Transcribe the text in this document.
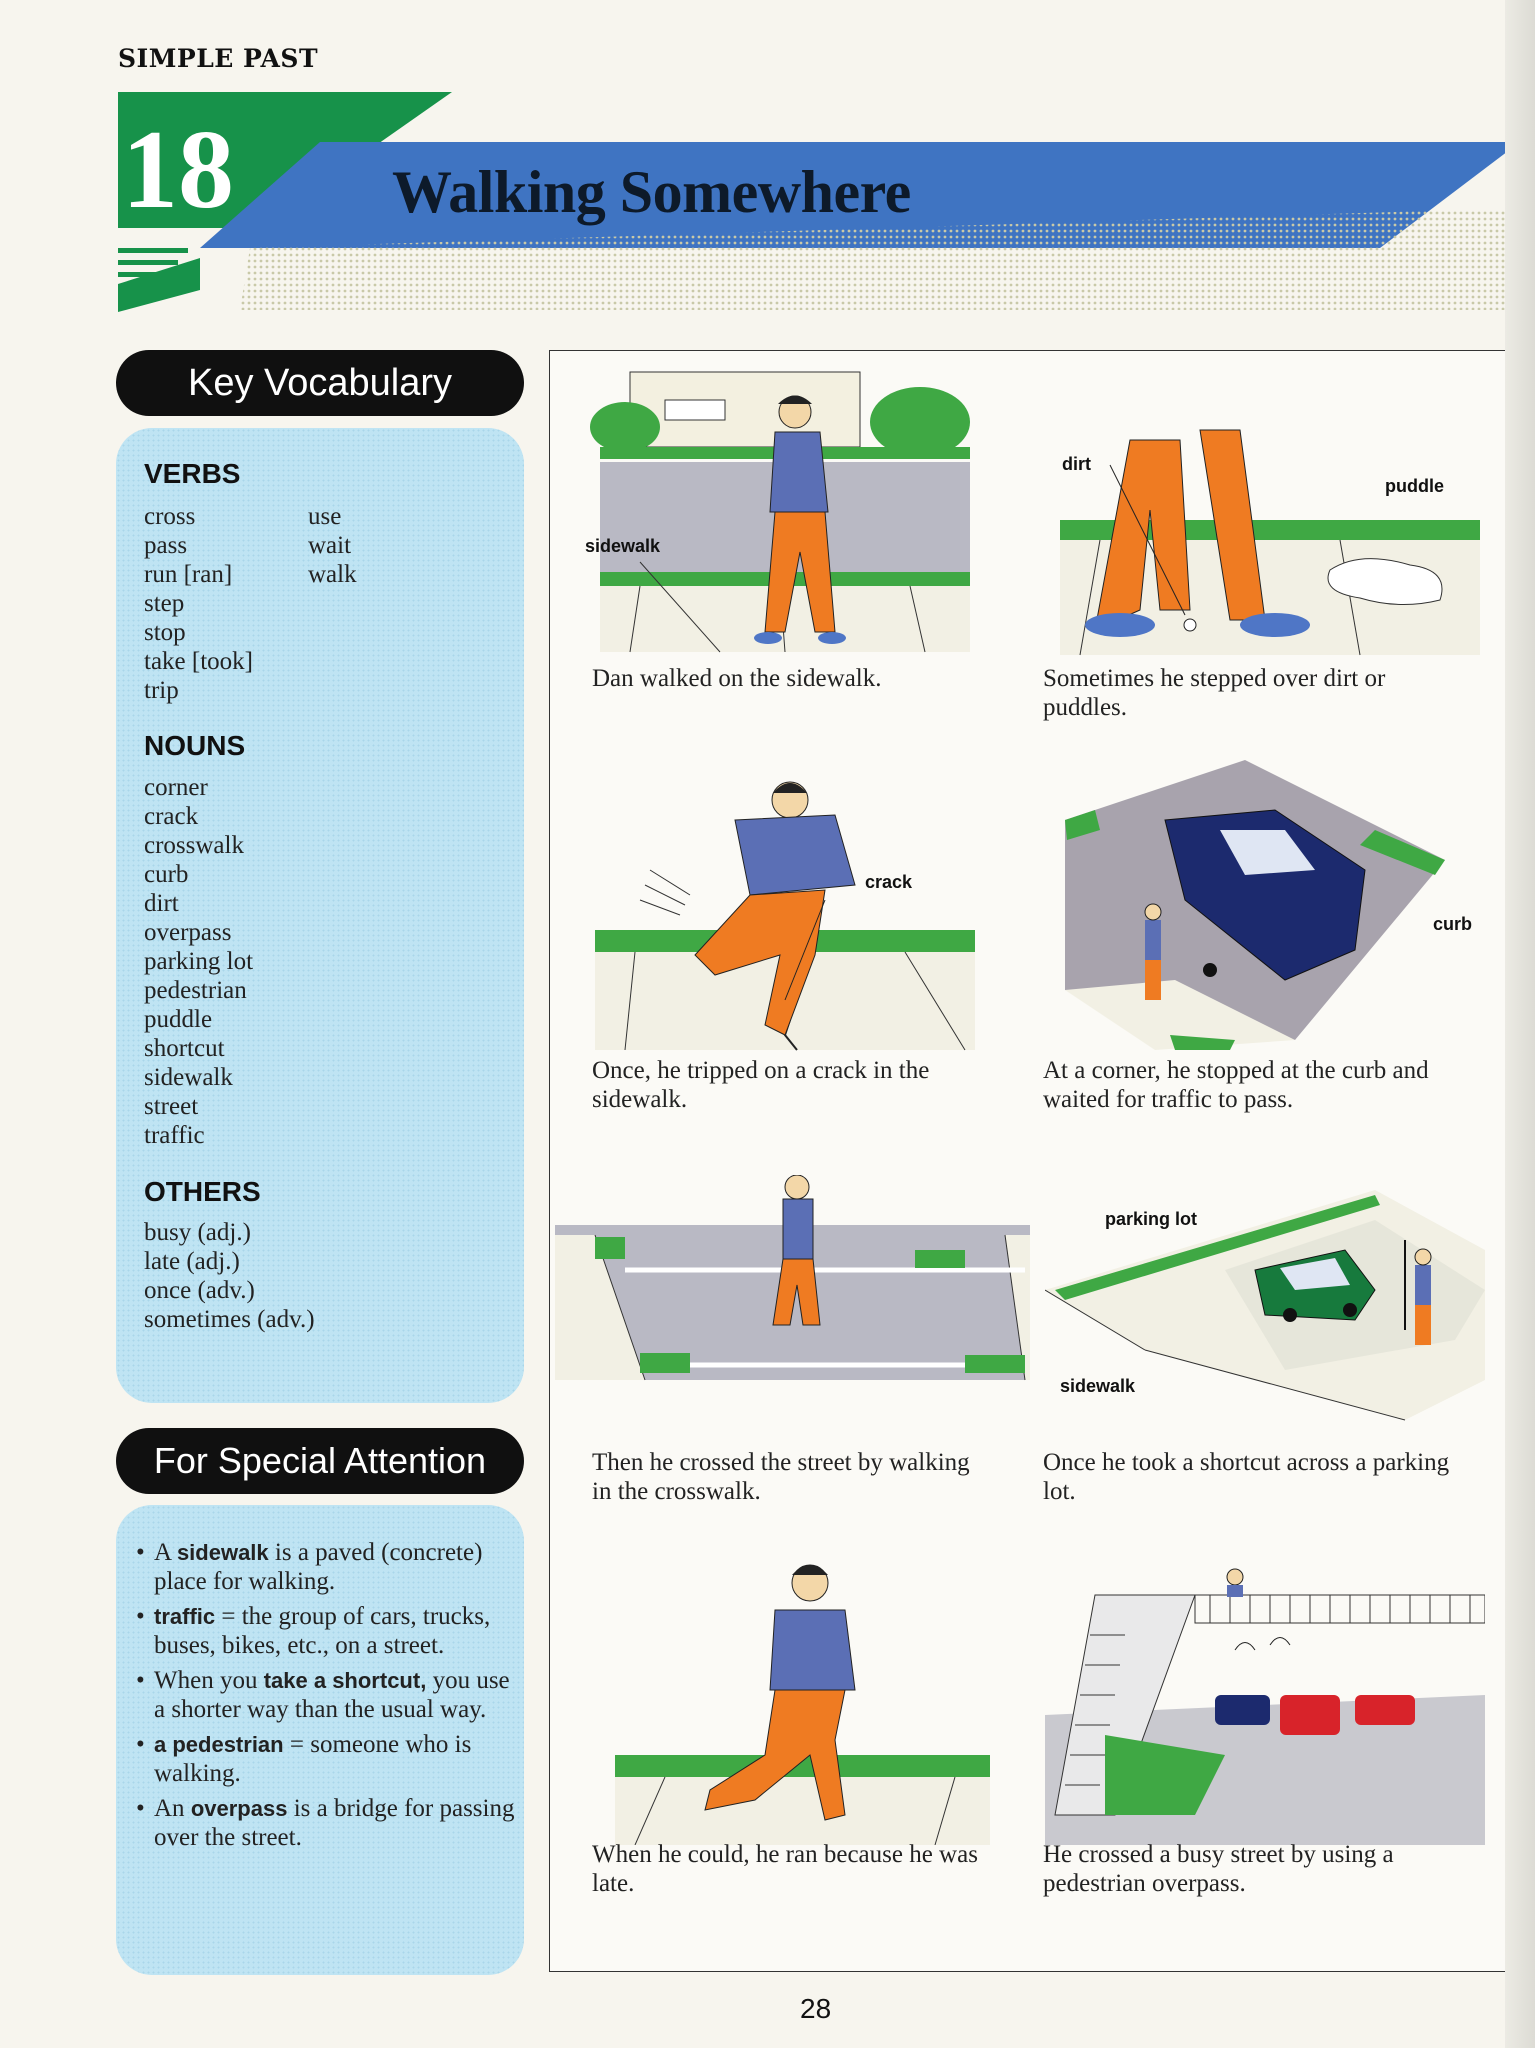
SIMPLE PAST
18	Walking Somewhere
Key Vocabulary
VERBS
cross
pass
run [ran]
step
stop
take [took]
trip
use
wait
walk
NOUNS
corner
crack
crosswalk
curb
dirt
overpass
parking lot
pedestrian
puddle
shortcut
sidewalk
street
traffic
OTHERS
busy (adj.)
late (adj.)
once (adv.)
sometimes (adv.)
For Special Attention
• A sidewalk is a paved (concrete) place for walking.
• traffic = the group of cars, trucks, buses, bikes, etc., on a street.
• When you take a shortcut, you use a shorter way than the usual way.
• a pedestrian = someone who is walking.
• An overpass is a bridge for passing over the street.
sidewalk
Dan walked on the sidewalk.
dirt
puddle
Sometimes he stepped over dirt or puddles.
crack
Once, he tripped on a crack in the sidewalk.
curb
At a corner, he stopped at the curb and waited for traffic to pass.
parking lot
sidewalk
Then he crossed the street by walking in the crosswalk.
Once he took a shortcut across a parking lot.
When he could, he ran because he was late.
He crossed a busy street by using a pedestrian overpass.
28
